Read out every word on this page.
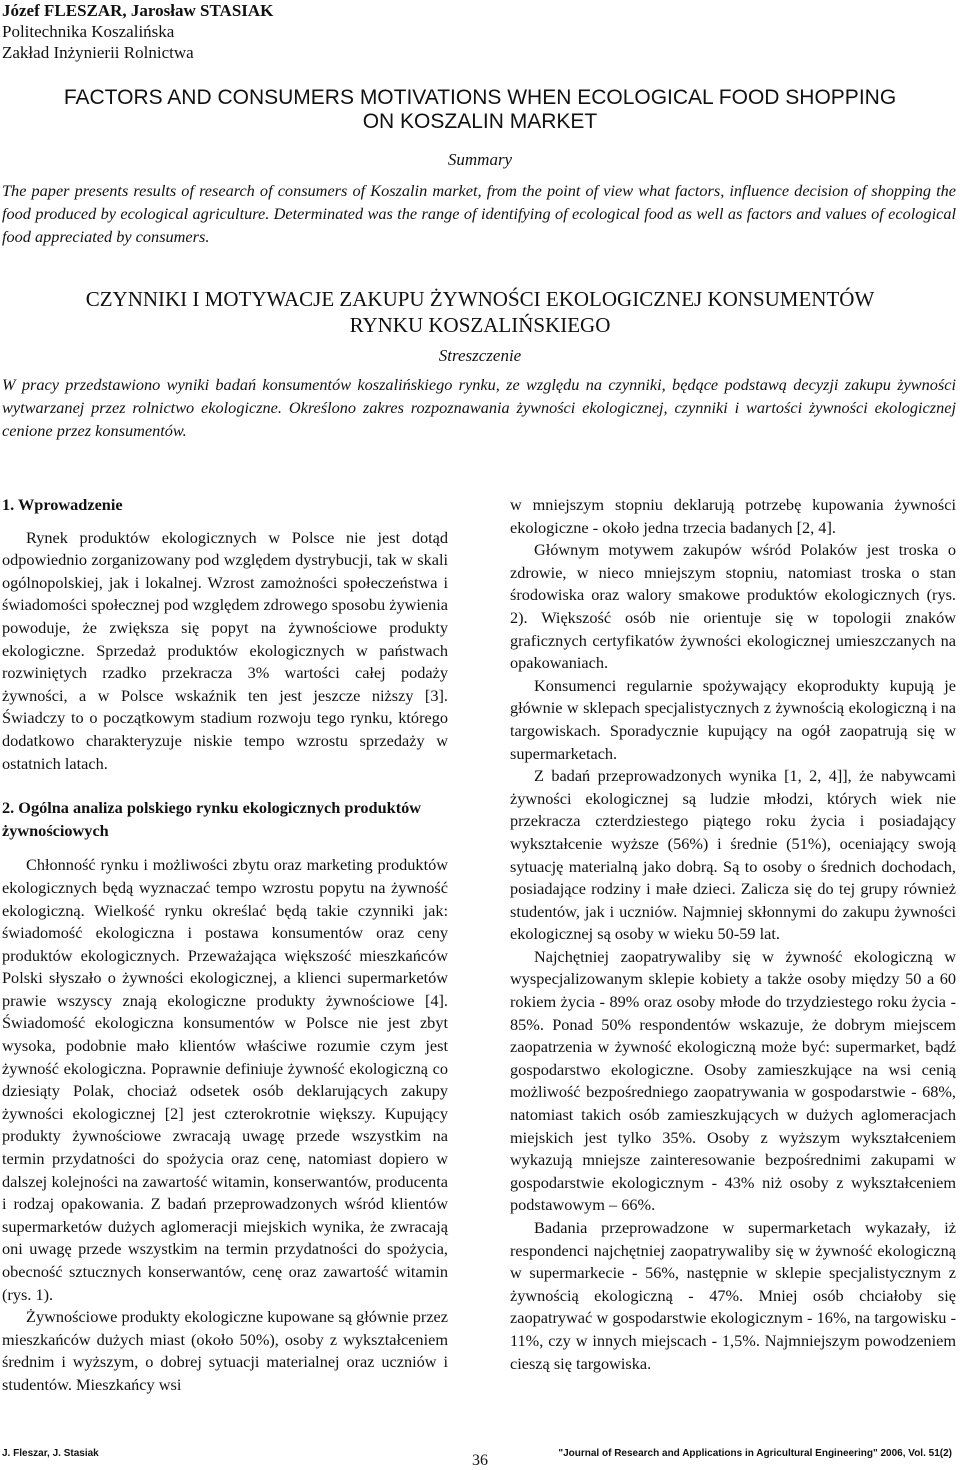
Józef FLESZAR, Jarosław STASIAK
Politechnika Koszalińska
Zakład Inżynierii Rolnictwa
FACTORS AND CONSUMERS MOTIVATIONS WHEN ECOLOGICAL FOOD SHOPPING
ON KOSZALIN MARKET
Summary
The paper presents results of research of consumers of Koszalin market, from the point of view what factors, influence decision of shopping the food produced by ecological agriculture. Determinated was the range of identifying of ecological food as well as factors and values of ecological food appreciated by consumers.
CZYNNIKI I MOTYWACJE ZAKUPU ŻYWNOŚCI EKOLOGICZNEJ KONSUMENTÓW
RYNKU KOSZALIŃSKIEGO
Streszczenie
W pracy przedstawiono wyniki badań konsumentów koszalińskiego rynku, ze względu na czynniki, będące podstawą decyzji zakupu żywności wytwarzanej przez rolnictwo ekologiczne. Określono zakres rozpoznawania żywności ekologicznej, czynniki i wartości żywności ekologicznej cenione przez konsumentów.
1. Wprowadzenie

Rynek produktów ekologicznych w Polsce nie jest dotąd odpowiednio zorganizowany pod względem dystrybucji, tak w skali ogólnopolskiej, jak i lokalnej. Wzrost zamożności społeczeństwa i świadomości społecznej pod względem zdrowego sposobu żywienia powoduje, że zwiększa się popyt na żywnościowe produkty ekologiczne. Sprzedaż produktów ekologicznych w państwach rozwiniętych rzadko przekracza 3% wartości całej podaży żywności, a w Polsce wskaźnik ten jest jeszcze niższy [3]. Świadczy to o początkowym stadium rozwoju tego rynku, którego dodatkowo charakteryzuje niskie tempo wzrostu sprzedaży w ostatnich latach.

2. Ogólna analiza polskiego rynku ekologicznych produktów żywnościowych

Chłonność rynku i możliwości zbytu oraz marketing produktów ekologicznych będą wyznaczać tempo wzrostu popytu na żywność ekologiczną. Wielkość rynku określać będą takie czynniki jak: świadomość ekologiczna i postawa konsumentów oraz ceny produktów ekologicznych. Przeważająca większość mieszkańców Polski słyszało o żywności ekologicznej, a klienci supermarketów prawie wszyscy znają ekologiczne produkty żywnościowe [4]. Świadomość ekologiczna konsumentów w Polsce nie jest zbyt wysoka, podobnie mało klientów właściwe rozumie czym jest żywność ekologiczna. Poprawnie definiuje żywność ekologiczną co dziesiąty Polak, chociaż odsetek osób deklarujących zakupy żywności ekologicznej [2] jest czterokrotnie większy. Kupujący produkty żywnościowe zwracają uwagę przede wszystkim na termin przydatności do spożycia oraz cenę, natomiast dopiero w dalszej kolejności na zawartość witamin, konserwantów, producenta i rodzaj opakowania. Z badań przeprowadzonych wśród klientów supermarketów dużych aglomeracji miejskich wynika, że zwracają oni uwagę przede wszystkim na termin przydatności do spożycia, obecność sztucznych konserwantów, cenę oraz zawartość witamin (rys. 1).

Żywnościowe produkty ekologiczne kupowane są głównie przez mieszkańców dużych miast (około 50%), osoby z wykształceniem średnim i wyższym, o dobrej sytuacji materialnej oraz uczniów i studentów. Mieszkańcy wsi

w mniejszym stopniu deklarują potrzebę kupowania żywności ekologiczne - około jedna trzecia badanych [2, 4].

Głównym motywem zakupów wśród Polaków jest troska o zdrowie, w nieco mniejszym stopniu, natomiast troska o stan środowiska oraz walory smakowe produktów ekologicznych (rys. 2). Większość osób nie orientuje się w topologii znaków graficznych certyfikatów żywności ekologicznej umieszczanych na opakowaniach.

Konsumenci regularnie spożywający ekoprodukty kupują je głównie w sklepach specjalistycznych z żywnością ekologiczną i na targowiskach. Sporadycznie kupujący na ogół zaopatrują się w supermarketach.

Z badań przeprowadzonych wynika [1, 2, 4]], że nabywcami żywności ekologicznej są ludzie młodzi, których wiek nie przekracza czterdziestego piątego roku życia i posiadający wykształcenie wyższe (56%) i średnie (51%), oceniający swoją sytuację materialną jako dobrą. Są to osoby o średnich dochodach, posiadające rodziny i małe dzieci. Zalicza się do tej grupy również studentów, jak i uczniów. Najmniej skłonnymi do zakupu żywności ekologicznej są osoby w wieku 50-59 lat.

Najchętniej zaopatrywaliby się w żywność ekologiczną w wyspecjalizowanym sklepie kobiety a także osoby między 50 a 60 rokiem życia - 89% oraz osoby młode do trzydziestego roku życia - 85%. Ponad 50% respondentów wskazuje, że dobrym miejscem zaopatrzenia w żywność ekologiczną może być: supermarket, bądź gospodarstwo ekologiczne. Osoby zamieszkujące na wsi cenią możliwość bezpośredniego zaopatrywania w gospodarstwie - 68%, natomiast takich osób zamieszkujących w dużych aglomeracjach miejskich jest tylko 35%. Osoby z wyższym wykształceniem wykazują mniejsze zainteresowanie bezpośrednimi zakupami w gospodarstwie ekologicznym - 43% niż osoby z wykształceniem podstawowym – 66%.

Badania przeprowadzone w supermarketach wykazały, iż respondenci najchętniej zaopatrywaliby się w żywność ekologiczną w supermarkecie - 56%, następnie w sklepie specjalistycznym z żywnością ekologiczną - 47%. Mniej osób chciałoby się zaopatrywać w gospodarstwie ekologicznym - 16%, na targowisku - 11%, czy w innych miejscach - 1,5%. Najmniejszym powodzeniem cieszą się targowiska.

J. Fleszar, J. Stasiak	36	"Journal of Research and Applications in Agricultural Engineering" 2006, Vol. 51(2)
